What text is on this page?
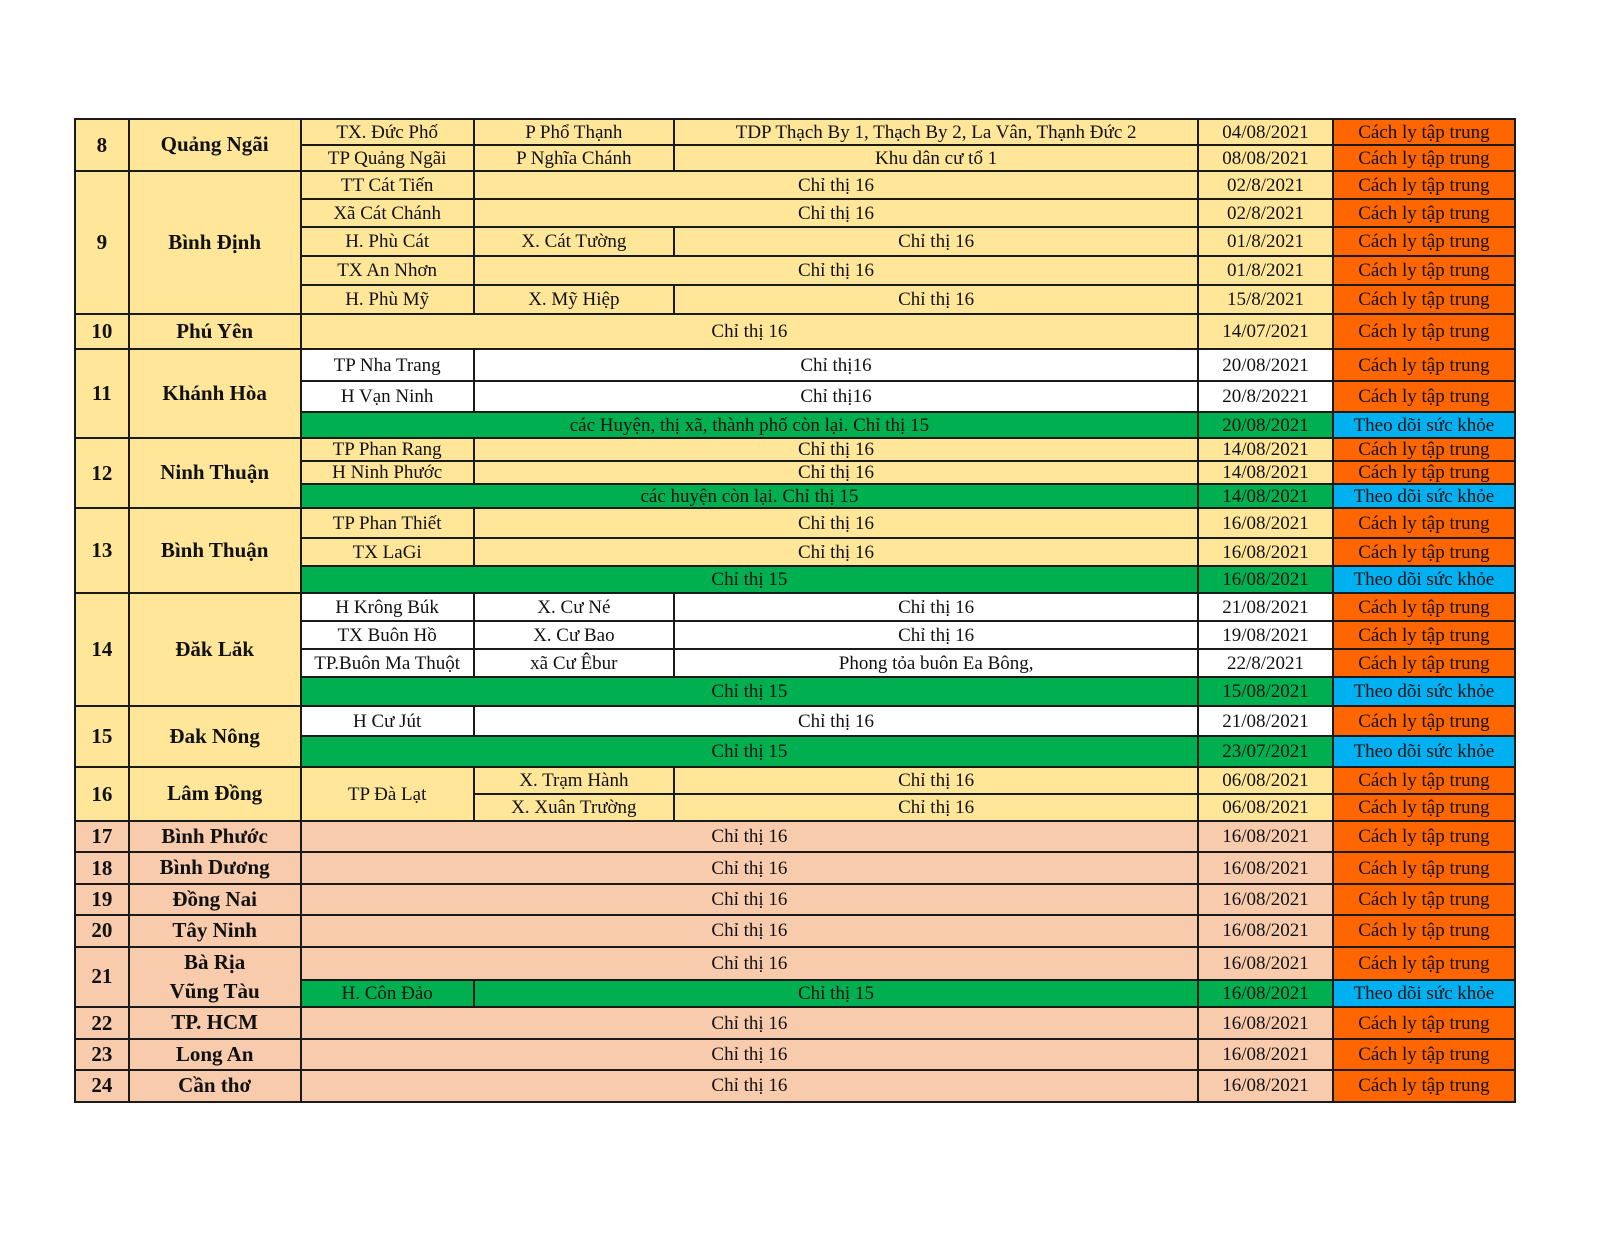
8	Quảng Ngãi	TX. Đức Phố	P Phổ Thạnh	TDP Thạch By 1, Thạch By 2, La Vân, Thạnh Đức 2	04/08/2021	Cách ly tập trung
		TP Quảng Ngãi	P Nghĩa Chánh	Khu dân cư tổ 1	08/08/2021	Cách ly tập trung
9	Bình Định	TT Cát Tiến	Chỉ thị 16		02/8/2021	Cách ly tập trung
		Xã Cát Chánh	Chỉ thị 16		02/8/2021	Cách ly tập trung
		H. Phù Cát	X. Cát Tường	Chỉ thị 16	01/8/2021	Cách ly tập trung
		TX An Nhơn	Chỉ thị 16		01/8/2021	Cách ly tập trung
		H. Phù Mỹ	X. Mỹ Hiệp	Chỉ thị 16	15/8/2021	Cách ly tập trung
10	Phú Yên	Chỉ thị 16			14/07/2021	Cách ly tập trung
11	Khánh Hòa	TP Nha Trang	Chỉ thị16		20/08/2021	Cách ly tập trung
		H Vạn Ninh	Chỉ thị16		20/8/20221	Cách ly tập trung
		các Huyện, thị xã, thành phố còn lại. Chỉ thị 15			20/08/2021	Theo dõi sức khỏe
12	Ninh Thuận	TP Phan Rang	Chỉ thị 16		14/08/2021	Cách ly tập trung
		H Ninh Phước	Chỉ thị 16		14/08/2021	Cách ly tập trung
		các huyện còn lại. Chỉ thị 15			14/08/2021	Theo dõi sức khỏe
13	Bình Thuận	TP Phan Thiết	Chỉ thị 16		16/08/2021	Cách ly tập trung
		TX LaGi	Chỉ thị 16		16/08/2021	Cách ly tập trung
		Chỉ thị 15			16/08/2021	Theo dõi sức khỏe
14	Đăk Lăk	H Krông Búk	X. Cư Né	Chỉ thị 16	21/08/2021	Cách ly tập trung
		TX Buôn Hồ	X. Cư Bao	Chỉ thị 16	19/08/2021	Cách ly tập trung
		TP.Buôn Ma Thuột	xã Cư Êbur	Phong tỏa buôn Ea Bông,	22/8/2021	Cách ly tập trung
		Chỉ thị 15			15/08/2021	Theo dõi sức khỏe
15	Đak Nông	H Cư Jút	Chỉ thị 16		21/08/2021	Cách ly tập trung
		Chỉ thị 15			23/07/2021	Theo dõi sức khỏe
16	Lâm Đồng	TP Đà Lạt	X. Trạm Hành	Chỉ thị 16	06/08/2021	Cách ly tập trung
			X. Xuân Trường	Chỉ thị 16	06/08/2021	Cách ly tập trung
17	Bình Phước	Chỉ thị 16			16/08/2021	Cách ly tập trung
18	Bình Dương	Chỉ thị 16			16/08/2021	Cách ly tập trung
19	Đồng Nai	Chỉ thị 16			16/08/2021	Cách ly tập trung
20	Tây Ninh	Chỉ thị 16			16/08/2021	Cách ly tập trung
21	Bà Rịa
Vũng Tàu	Chỉ thị 16			16/08/2021	Cách ly tập trung
		H. Côn Đảo	Chỉ thị 15		16/08/2021	Theo dõi sức khỏe
22	TP. HCM	Chỉ thị 16			16/08/2021	Cách ly tập trung
23	Long An	Chỉ thị 16			16/08/2021	Cách ly tập trung
24	Cần thơ	Chỉ thị 16			16/08/2021	Cách ly tập trung
